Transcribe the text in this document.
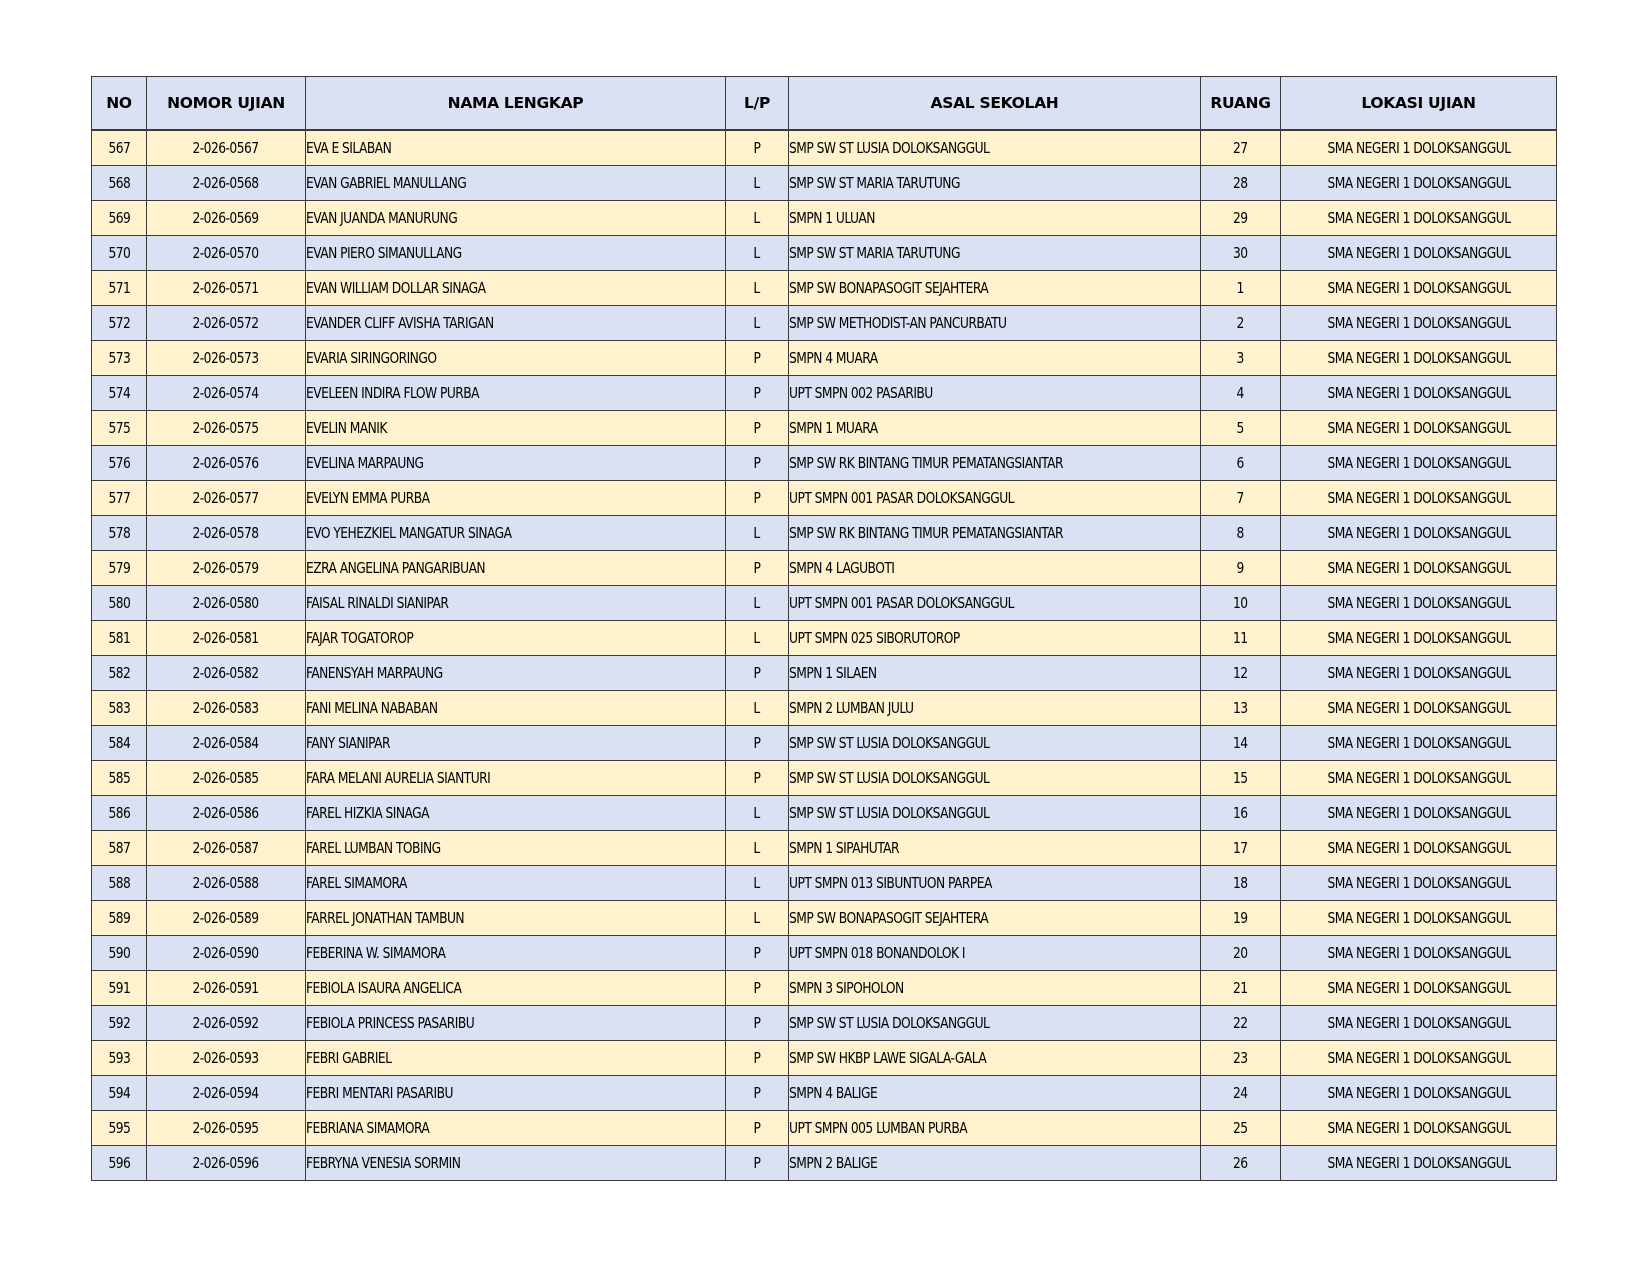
NO	NOMOR UJIAN	NAMA LENGKAP	L/P	ASAL SEKOLAH	RUANG	LOKASI UJIAN
567	2-026-0567	EVA E SILABAN	P	SMP SW ST LUSIA DOLOKSANGGUL	27	SMA NEGERI 1 DOLOKSANGGUL
568	2-026-0568	EVAN GABRIEL MANULLANG	L	SMP SW ST MARIA TARUTUNG	28	SMA NEGERI 1 DOLOKSANGGUL
569	2-026-0569	EVAN JUANDA MANURUNG	L	SMPN 1 ULUAN	29	SMA NEGERI 1 DOLOKSANGGUL
570	2-026-0570	EVAN PIERO SIMANULLANG	L	SMP SW ST MARIA TARUTUNG	30	SMA NEGERI 1 DOLOKSANGGUL
571	2-026-0571	EVAN WILLIAM DOLLAR SINAGA	L	SMP SW BONAPASOGIT SEJAHTERA	1	SMA NEGERI 1 DOLOKSANGGUL
572	2-026-0572	EVANDER CLIFF AVISHA TARIGAN	L	SMP SW METHODIST-AN PANCURBATU	2	SMA NEGERI 1 DOLOKSANGGUL
573	2-026-0573	EVARIA SIRINGORINGO	P	SMPN 4 MUARA	3	SMA NEGERI 1 DOLOKSANGGUL
574	2-026-0574	EVELEEN INDIRA FLOW PURBA	P	UPT SMPN 002 PASARIBU	4	SMA NEGERI 1 DOLOKSANGGUL
575	2-026-0575	EVELIN MANIK	P	SMPN 1 MUARA	5	SMA NEGERI 1 DOLOKSANGGUL
576	2-026-0576	EVELINA MARPAUNG	P	SMP SW RK BINTANG TIMUR PEMATANGSIANTAR	6	SMA NEGERI 1 DOLOKSANGGUL
577	2-026-0577	EVELYN EMMA PURBA	P	UPT SMPN 001 PASAR DOLOKSANGGUL	7	SMA NEGERI 1 DOLOKSANGGUL
578	2-026-0578	EVO YEHEZKIEL MANGATUR SINAGA	L	SMP SW RK BINTANG TIMUR PEMATANGSIANTAR	8	SMA NEGERI 1 DOLOKSANGGUL
579	2-026-0579	EZRA ANGELINA PANGARIBUAN	P	SMPN 4 LAGUBOTI	9	SMA NEGERI 1 DOLOKSANGGUL
580	2-026-0580	FAISAL RINALDI SIANIPAR	L	UPT SMPN 001 PASAR DOLOKSANGGUL	10	SMA NEGERI 1 DOLOKSANGGUL
581	2-026-0581	FAJAR TOGATOROP	L	UPT SMPN 025 SIBORUTOROP	11	SMA NEGERI 1 DOLOKSANGGUL
582	2-026-0582	FANENSYAH MARPAUNG	P	SMPN 1 SILAEN	12	SMA NEGERI 1 DOLOKSANGGUL
583	2-026-0583	FANI MELINA NABABAN	L	SMPN 2 LUMBAN JULU	13	SMA NEGERI 1 DOLOKSANGGUL
584	2-026-0584	FANY SIANIPAR	P	SMP SW ST LUSIA DOLOKSANGGUL	14	SMA NEGERI 1 DOLOKSANGGUL
585	2-026-0585	FARA MELANI AURELIA SIANTURI	P	SMP SW ST LUSIA DOLOKSANGGUL	15	SMA NEGERI 1 DOLOKSANGGUL
586	2-026-0586	FAREL HIZKIA SINAGA	L	SMP SW ST LUSIA DOLOKSANGGUL	16	SMA NEGERI 1 DOLOKSANGGUL
587	2-026-0587	FAREL LUMBAN TOBING	L	SMPN 1 SIPAHUTAR	17	SMA NEGERI 1 DOLOKSANGGUL
588	2-026-0588	FAREL SIMAMORA	L	UPT SMPN 013 SIBUNTUON PARPEA	18	SMA NEGERI 1 DOLOKSANGGUL
589	2-026-0589	FARREL JONATHAN TAMBUN	L	SMP SW BONAPASOGIT SEJAHTERA	19	SMA NEGERI 1 DOLOKSANGGUL
590	2-026-0590	FEBERINA W. SIMAMORA	P	UPT SMPN 018 BONANDOLOK I	20	SMA NEGERI 1 DOLOKSANGGUL
591	2-026-0591	FEBIOLA ISAURA ANGELICA	P	SMPN 3 SIPOHOLON	21	SMA NEGERI 1 DOLOKSANGGUL
592	2-026-0592	FEBIOLA PRINCESS PASARIBU	P	SMP SW ST LUSIA DOLOKSANGGUL	22	SMA NEGERI 1 DOLOKSANGGUL
593	2-026-0593	FEBRI GABRIEL	P	SMP SW HKBP LAWE SIGALA-GALA	23	SMA NEGERI 1 DOLOKSANGGUL
594	2-026-0594	FEBRI MENTARI PASARIBU	P	SMPN 4 BALIGE	24	SMA NEGERI 1 DOLOKSANGGUL
595	2-026-0595	FEBRIANA SIMAMORA	P	UPT SMPN 005 LUMBAN PURBA	25	SMA NEGERI 1 DOLOKSANGGUL
596	2-026-0596	FEBRYNA VENESIA SORMIN	P	SMPN 2 BALIGE	26	SMA NEGERI 1 DOLOKSANGGUL
